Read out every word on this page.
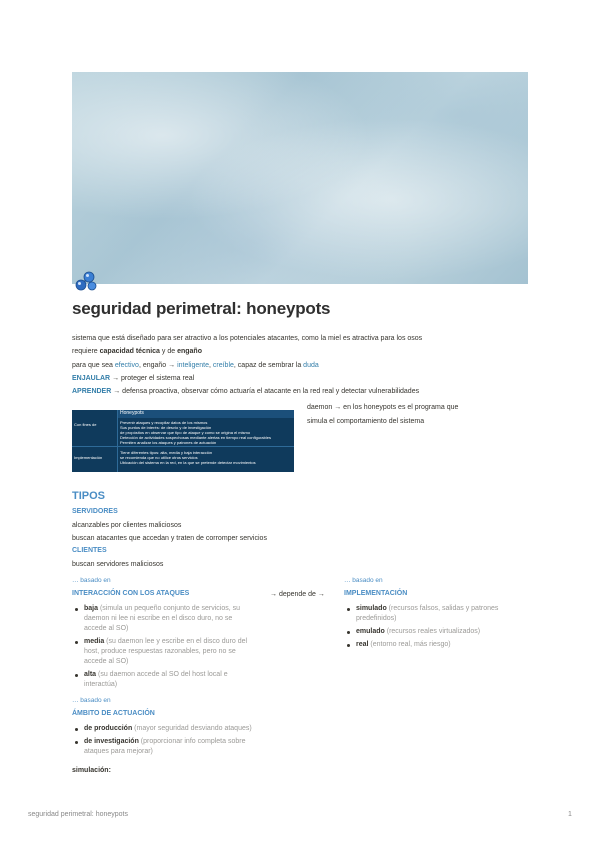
seguridad perimetral: honeypots
sistema que está diseñado para ser atractivo a los potenciales atacantes, como la miel es atractiva para los osos
requiere capacidad técnica y de engaño
para que sea efectivo, engaño → inteligente, creíble, capaz de sembrar la duda
ENJAULAR → proteger el sistema real
APRENDER → defensa proactiva, observar cómo actuaría el atacante en la red real y detectar vulnerabilidades
Honeypots
Con fines de	Prevenir ataques y recopilar datos de los mismos
Sus puntos de interés: de desvío y de investigación
de propósitos en observar que tipo de ataque y como se origina el mismo
Detección de actividades sospechosas mediante alertas en tiempo real configurables
Permiten analizar los ataques y patrones de actuación
Implementación
Tiene diferentes tipos: alta, media y baja interacción
se recomienda que no utilice otros servicios
Ubicación del sistema en la red, en la que se pretende detectar movimientos
daemon → en los honeypots es el programa que
simula el comportamiento del sistema
TIPOS
SERVIDORES
alcanzables por clientes maliciosos
buscan atacantes que accedan y traten de corromper servicios
CLIENTES
buscan servidores maliciosos
… basado en
INTERACCIÓN CON LOS ATAQUES	→ depende de →
baja (simula un pequeño conjunto de servicios, su daemon ni lee ni escribe en el disco duro, no se accede al SO)
media (su daemon lee y escribe en el disco duro del host, produce respuestas razonables, pero no se accede al SO)
alta (su daemon accede al SO del host local e interactúa)
… basado en
IMPLEMENTACIÓN
simulado (recursos falsos, salidas y patrones predefinidos)
emulado (recursos reales virtualizados)
real (entorno real, más riesgo)
… basado en
ÁMBITO DE ACTUACIÓN
de producción (mayor seguridad desviando ataques)
de investigación (proporcionar info completa sobre ataques para mejorar)
simulación:
seguridad perimetral: honeypots	1
